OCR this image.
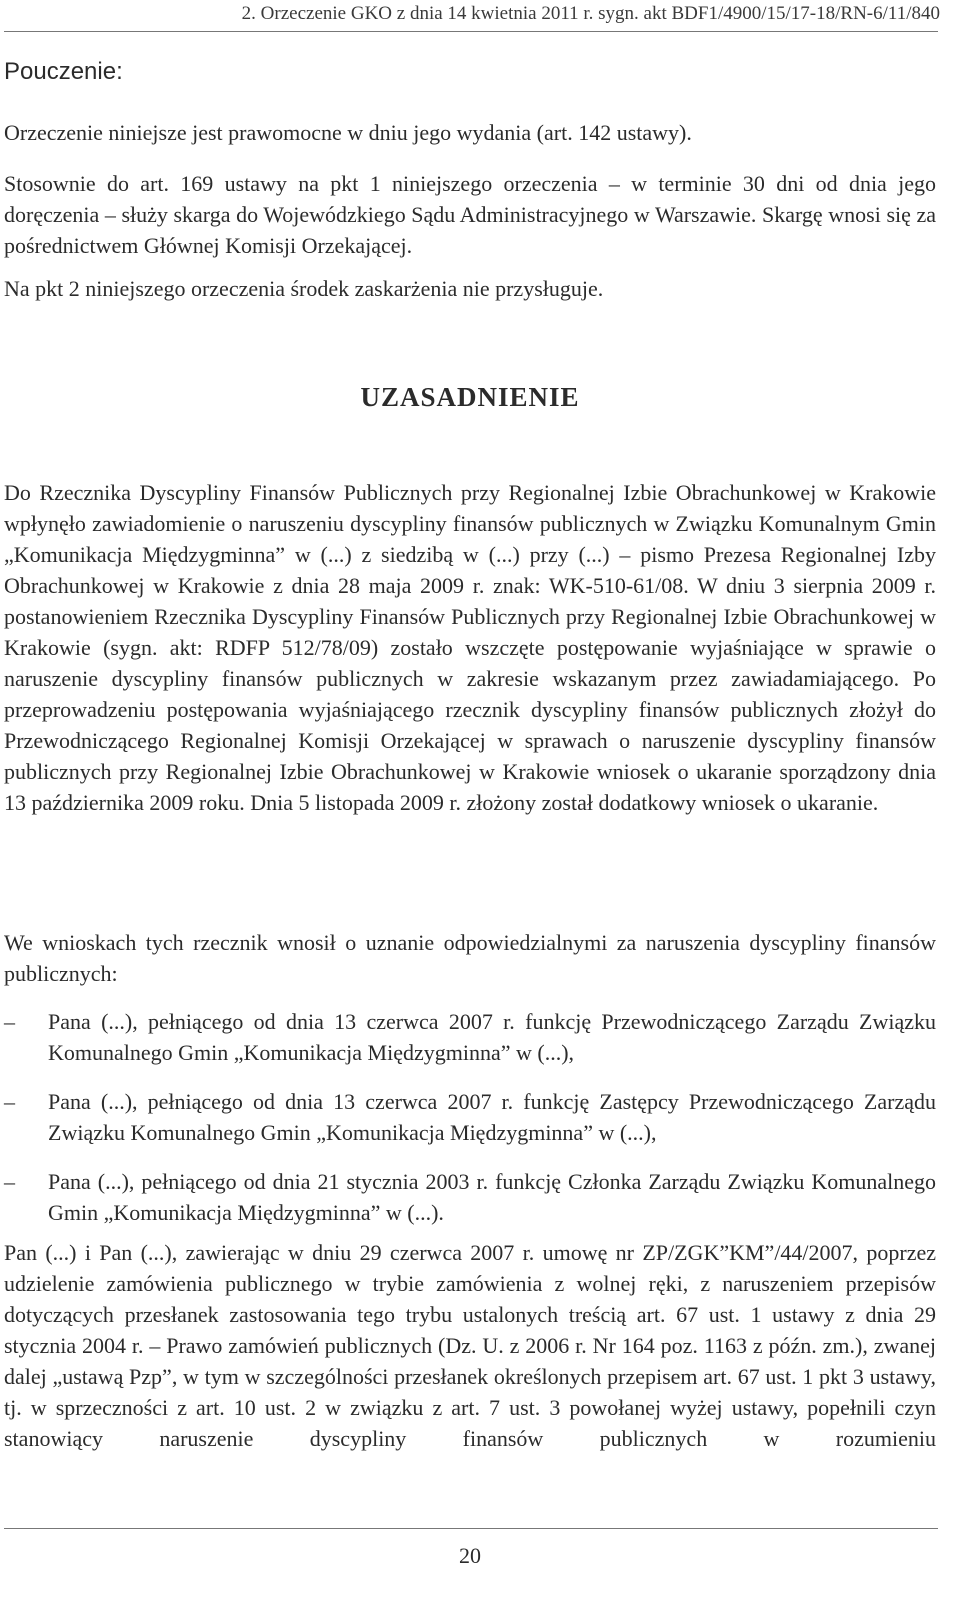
2. Orzeczenie GKO z dnia 14 kwietnia 2011 r. sygn. akt BDF1/4900/15/17-18/RN-6/11/840
Pouczenie:

Orzeczenie niniejsze jest prawomocne w dniu jego wydania (art. 142 ustawy).

Stosownie do art. 169 ustawy na pkt 1 niniejszego orzeczenia – w terminie 30 dni od dnia jego doręczenia – służy skarga do Wojewódzkiego Sądu Administracyjnego w Warszawie. Skargę wnosi się za pośrednictwem Głównej Komisji Orzekającej.

Na pkt 2 niniejszego orzeczenia środek zaskarżenia nie przysługuje.

UZASADNIENIE

Do Rzecznika Dyscypliny Finansów Publicznych przy Regionalnej Izbie Obrachunkowej w Krakowie wpłynęło zawiadomienie o naruszeniu dyscypliny finansów publicznych w Związku Komunalnym Gmin „Komunikacja Międzygminna” w (...) z siedzibą w (...) przy (...) – pismo Prezesa Regionalnej Izby Obrachunkowej w Krakowie z dnia 28 maja 2009 r. znak: WK-510-61/08. W dniu 3 sierpnia 2009 r. postanowieniem Rzecznika Dyscypliny Finansów Publicznych przy Regionalnej Izbie Obrachunkowej w Krakowie (sygn. akt: RDFP 512/78/09) zostało wszczęte postępowanie wyjaśniające w sprawie o naruszenie dyscypliny finansów publicznych w zakresie wskazanym przez zawiadamiającego. Po przeprowadzeniu postępowania wyjaśniającego rzecznik dyscypliny finansów publicznych złożył do Przewodniczącego Regionalnej Komisji Orzekającej w sprawach o naruszenie dyscypliny finansów publicznych przy Regionalnej Izbie Obrachunkowej w Krakowie wniosek o ukaranie sporządzony dnia 13 października 2009 roku. Dnia 5 listopada 2009 r. złożony został dodatkowy wniosek o ukaranie.

We wnioskach tych rzecznik wnosił o uznanie odpowiedzialnymi za naruszenia dyscypliny finansów publicznych:

– Pana (...), pełniącego od dnia 13 czerwca 2007 r. funkcję Przewodniczącego Zarządu Związku Komunalnego Gmin „Komunikacja Międzygminna” w (...),
– Pana (...), pełniącego od dnia 13 czerwca 2007 r. funkcję Zastępcy Przewodniczącego Zarządu Związku Komunalnego Gmin „Komunikacja Międzygminna” w (...),
– Pana (...), pełniącego od dnia 21 stycznia 2003 r. funkcję Członka Zarządu Związku Komunalnego Gmin „Komunikacja Międzygminna” w (...).

Pan (...) i Pan (...), zawierając w dniu 29 czerwca 2007 r. umowę nr ZP/ZGK”KM”/44/2007, poprzez udzielenie zamówienia publicznego w trybie zamówienia z wolnej ręki, z naruszeniem przepisów dotyczących przesłanek zastosowania tego trybu ustalonych treścią art. 67 ust. 1 ustawy z dnia 29 stycznia 2004 r. – Prawo zamówień publicznych (Dz. U. z 2006 r. Nr 164 poz. 1163 z późn. zm.), zwanej dalej „ustawą Pzp”, w tym w szczególności przesłanek określonych przepisem art. 67 ust. 1 pkt 3 ustawy, tj. w sprzeczności z art. 10 ust. 2 w związku z art. 7 ust. 3 powołanej wyżej ustawy, popełnili czyn stanowiący naruszenie dyscypliny finansów publicznych w rozumieniu

20
